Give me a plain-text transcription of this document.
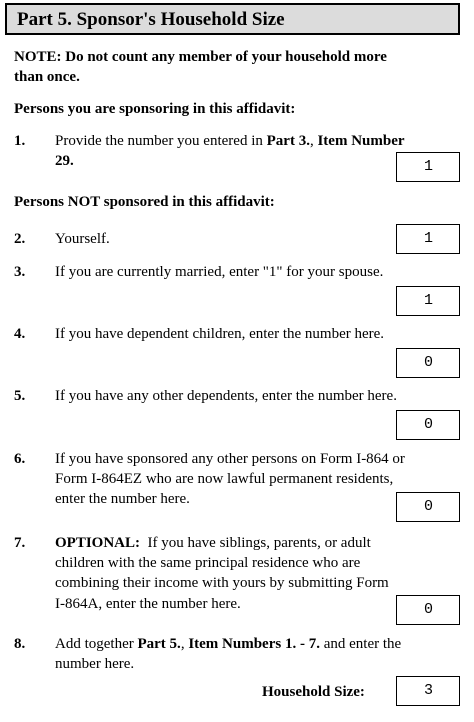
Part 5. Sponsor's Household Size
NOTE: Do not count any member of your household more
than once.
Persons you are sponsoring in this affidavit:
1. Provide the number you entered in Part 3., Item Number
29.	1
Persons NOT sponsored in this affidavit:
2. Yourself.	1
3. If you are currently married, enter "1" for your spouse.
1
4. If you have dependent children, enter the number here.
0
5. If you have any other dependents, enter the number here.
0
6. If you have sponsored any other persons on Form I-864 or
Form I-864EZ who are now lawful permanent residents,
enter the number here.	0
7. OPTIONAL:  If you have siblings, parents, or adult
children with the same principal residence who are
combining their income with yours by submitting Form
I-864A, enter the number here.	0
8. Add together Part 5., Item Numbers 1. - 7. and enter the
number here.
Household Size:	3
